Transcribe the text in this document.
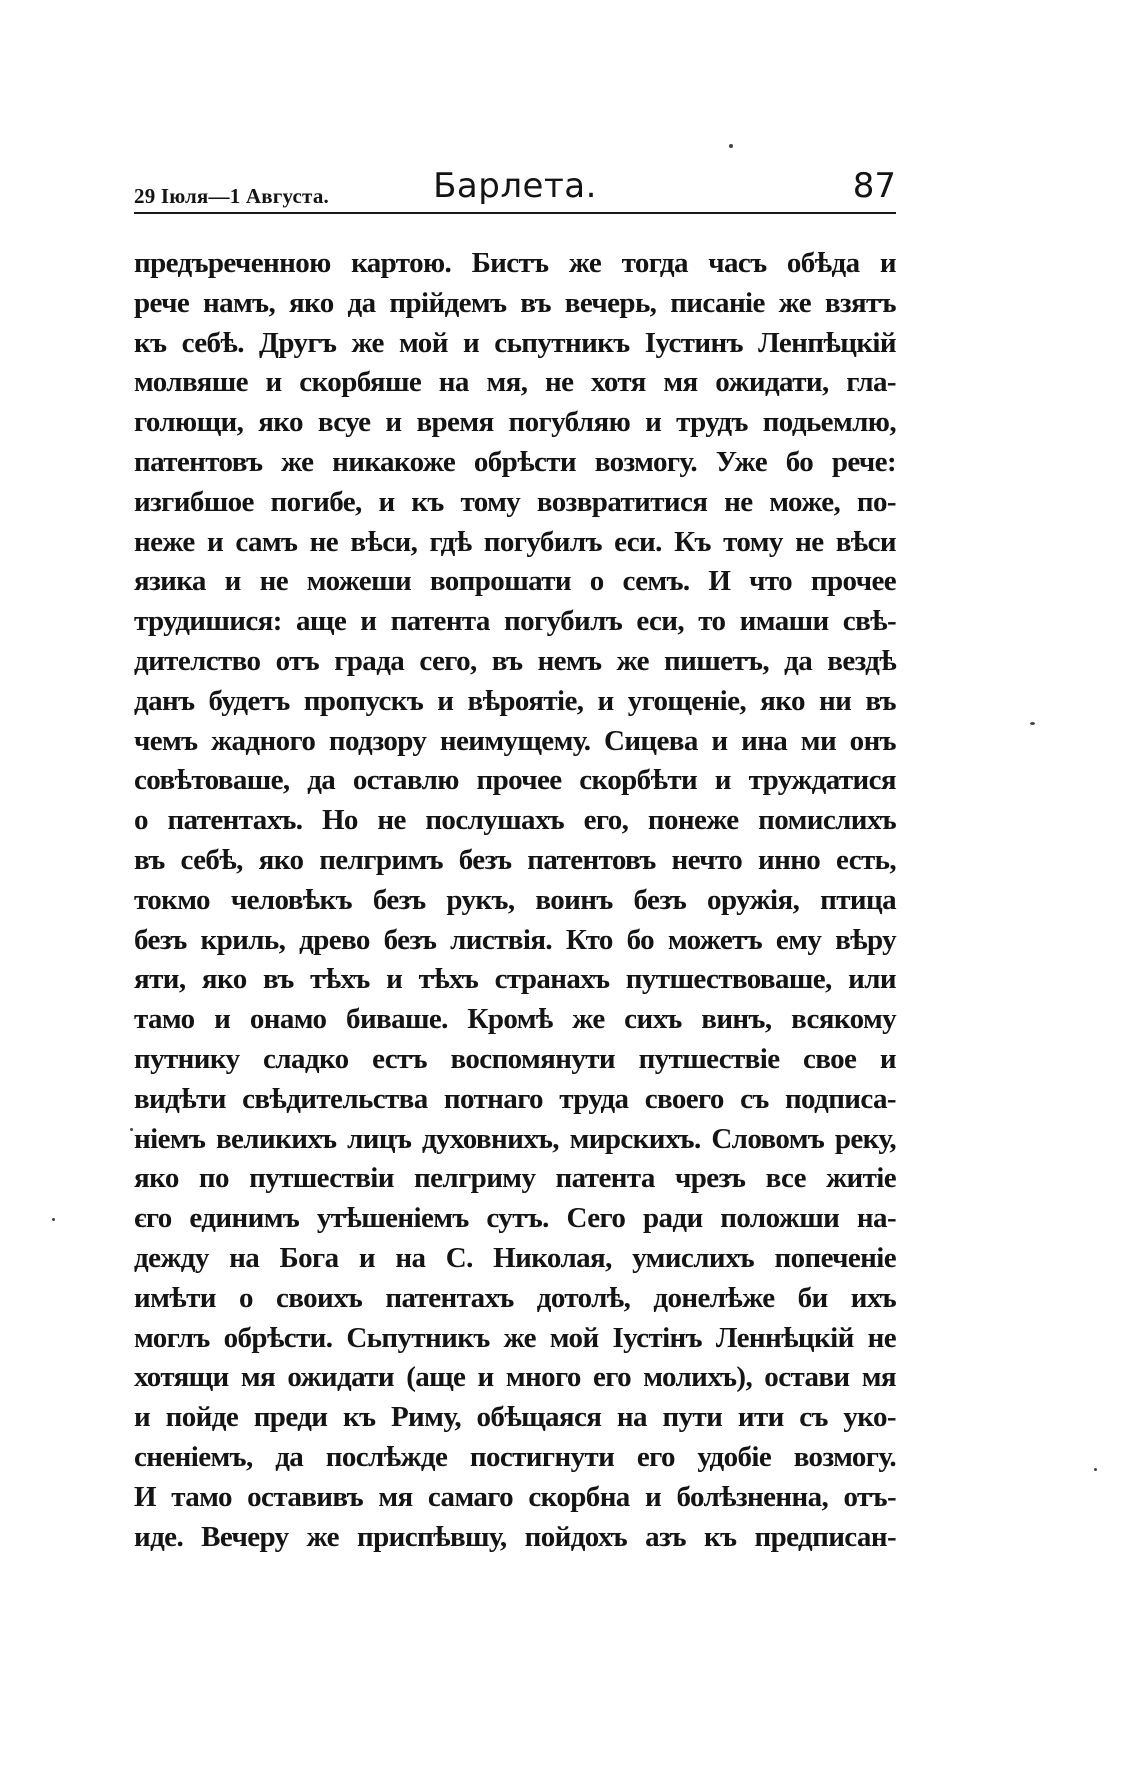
29 Іюля—1 Августа.	Барлета.	87
предъреченною картою. Бистъ же тогда часъ обѣда и
рече намъ, яко да прійдемъ въ вечерь, писаніе же взятъ
къ себѣ. Другъ же мой и сьпутникъ Іустинъ Ленпѣцкій
молвяше и скорбяше на мя, не хотя мя ожидати, гла-
голющи, яко всуе и время погубляю и трудъ подьемлю,
патентовъ же никакоже обрѣсти возмогу. Уже бо рече:
изгибшое погибе, и къ тому возвратитися не може, по-
неже и самъ не вѣси, гдѣ погубилъ еси. Къ тому не вѣси
язика и не можеши вопрошати о семъ. И что прочее
трудишися: аще и патента погубилъ еси, то имаши свѣ-
дителство отъ града сего, въ немъ же пишетъ, да вездѣ
данъ будетъ пропускъ и вѣроятіе, и угощеніе, яко ни въ
чемъ жадного подзору неимущему. Сицева и ина ми онъ
совѣтоваше, да оставлю прочее скорбѣти и труждатися
о патентахъ. Но не послушахъ его, понеже помислихъ
въ себѣ, яко пелгримъ безъ патентовъ нечто инно есть,
токмо человѣкъ безъ рукъ, воинъ безъ оружія, птица
безъ криль, древо безъ листвія. Кто бо можетъ ему вѣру
яти, яко въ тѣхъ и тѣхъ странахъ путшествоваше, или
тамо и онамо биваше. Кромѣ же сихъ винъ, всякому
путнику сладко естъ воспомянути путшествіе свое и
видѣти свѣдительства потнаго труда своего съ подписа-
ніемъ великихъ лицъ духовнихъ, мирскихъ. Словомъ реку,
яко по путшествіи пелгриму патента чрезъ все житіе
єго единимъ утѣшеніемъ сутъ. Сего ради положши на-
дежду на Бога и на С. Николая, умислихъ попеченіе
имѣти о своихъ патентахъ дотолѣ, донелѣже би ихъ
моглъ обрѣсти. Сьпутникъ же мой Іустінъ Леннѣцкій не
хотящи мя ожидати (аще и много его молихъ), остави мя
и пойде преди къ Риму, обѣщаяся на пути ити съ уко-
сненіемъ, да послѣжде постигнути его удобіе возмогу.
И тамо оставивъ мя самаго скорбна и болѣзненна, отъ-
иде. Вечеру же приспѣвшу, пойдохъ азъ къ предписан-
